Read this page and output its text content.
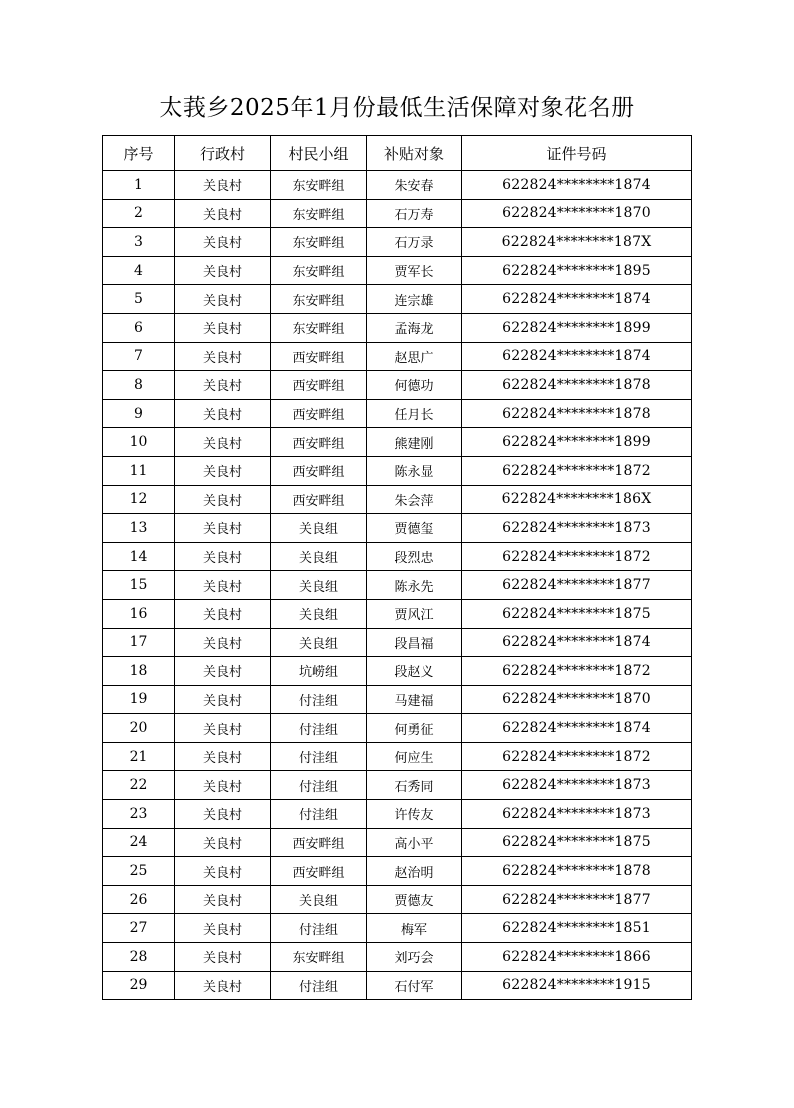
太莪乡2025年1月份最低生活保障对象花名册
序号	行政村	村民小组	补贴对象	证件号码
1	关良村	东安畔组	朱安春	622824********1874
2	关良村	东安畔组	石万寿	622824********1870
3	关良村	东安畔组	石万录	622824********187X
4	关良村	东安畔组	贾军长	622824********1895
5	关良村	东安畔组	连宗雄	622824********1874
6	关良村	东安畔组	孟海龙	622824********1899
7	关良村	西安畔组	赵思广	622824********1874
8	关良村	西安畔组	何德功	622824********1878
9	关良村	西安畔组	任月长	622824********1878
10	关良村	西安畔组	熊建刚	622824********1899
11	关良村	西安畔组	陈永显	622824********1872
12	关良村	西安畔组	朱会萍	622824********186X
13	关良村	关良组	贾德玺	622824********1873
14	关良村	关良组	段烈忠	622824********1872
15	关良村	关良组	陈永先	622824********1877
16	关良村	关良组	贾风江	622824********1875
17	关良村	关良组	段昌福	622824********1874
18	关良村	坑崂组	段赵义	622824********1872
19	关良村	付洼组	马建福	622824********1870
20	关良村	付洼组	何勇征	622824********1874
21	关良村	付洼组	何应生	622824********1872
22	关良村	付洼组	石秀同	622824********1873
23	关良村	付洼组	许传友	622824********1873
24	关良村	西安畔组	高小平	622824********1875
25	关良村	西安畔组	赵治明	622824********1878
26	关良村	关良组	贾德友	622824********1877
27	关良村	付洼组	梅军	622824********1851
28	关良村	东安畔组	刘巧会	622824********1866
29	关良村	付洼组	石付军	622824********1915
